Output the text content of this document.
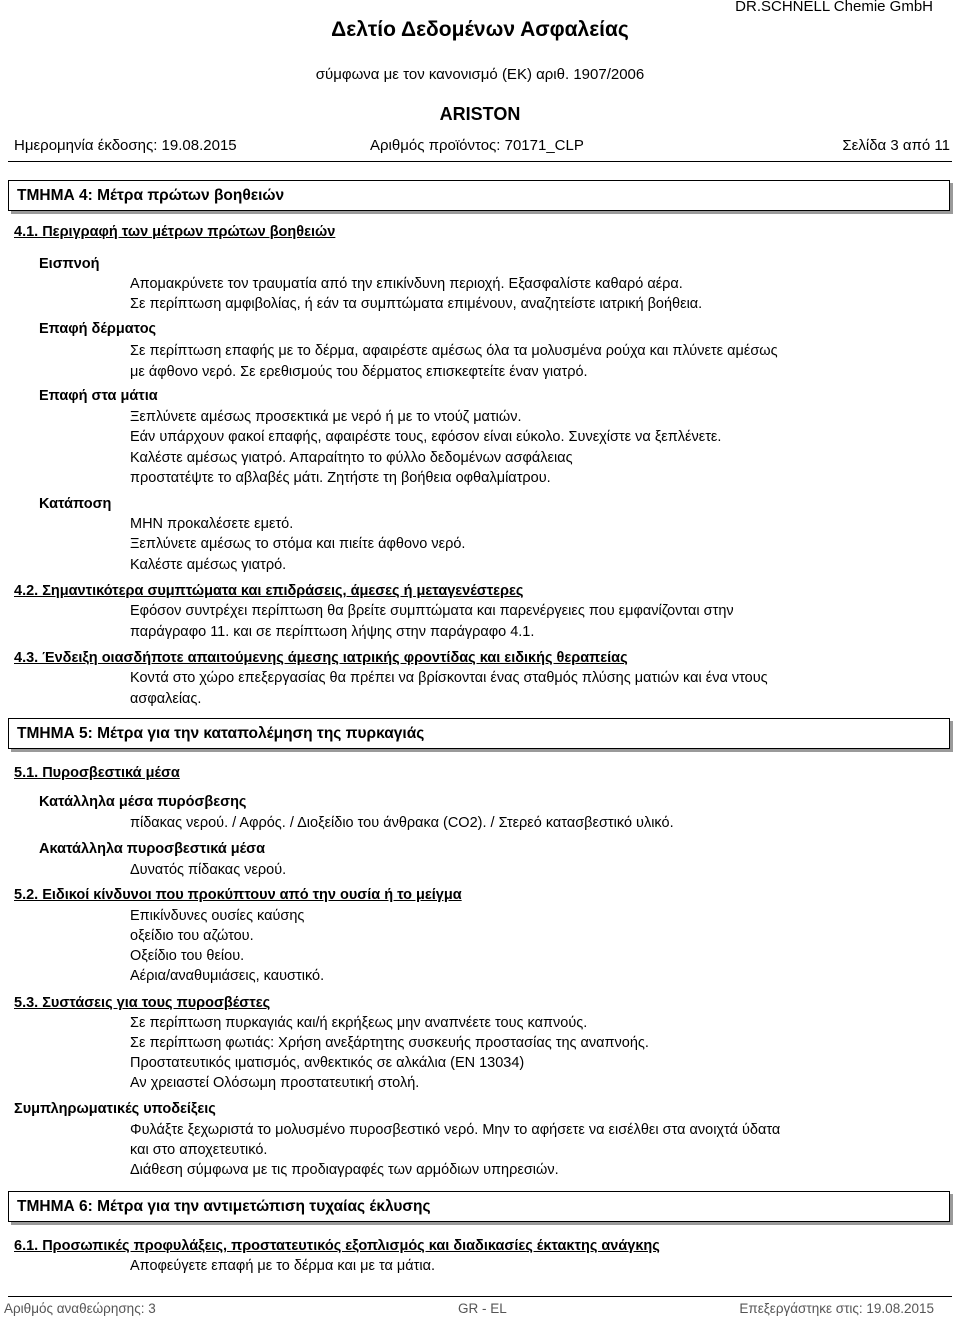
DR.SCHNELL Chemie GmbH
Δελτίο Δεδομένων Ασφαλείας
σύμφωνα με τον κανονισμό (ΕΚ) αριθ. 1907/2006
ARISTON
Ημερομηνία έκδοσης: 19.08.2015	Αριθμός προϊόντος: 70171_CLP	Σελίδα 3 από 11
ΤΜΗΜΑ 4: Μέτρα πρώτων βοηθειών
4.1. Περιγραφή των μέτρων πρώτων βοηθειών
Εισπνοή
Απομακρύνετε τον τραυματία από την επικίνδυνη περιοχή. Εξασφαλίστε καθαρό αέρα.
Σε περίπτωση αμφιβολίας, ή εάν τα συμπτώματα επιμένουν, αναζητείστε ιατρική βοήθεια.
Επαφή δέρματος
Σε περίπτωση επαφής με το δέρμα, αφαιρέστε αμέσως όλα τα μολυσμένα ρούχα και πλύνετε αμέσως
με άφθονο νερό. Σε ερεθισμούς του δέρματος επισκεφτείτε έναν γιατρό.
Επαφή στα μάτια
Ξεπλύνετε αμέσως προσεκτικά με νερό ή με το ντούζ ματιών.
Εάν υπάρχουν φακοί επαφής, αφαιρέστε τους, εφόσον είναι εύκολο. Συνεχίστε να ξεπλένετε.
Καλέστε αμέσως γιατρό. Απαραίτητο το φύλλο δεδομένων ασφάλειας
προστατέψτε το αβλαβές μάτι. Ζητήστε τη βοήθεια οφθαλμίατρου.
Κατάποση
ΜΗΝ προκαλέσετε εμετό.
Ξεπλύνετε αμέσως το στόμα και πιείτε άφθονο νερό.
Καλέστε αμέσως γιατρό.
4.2. Σημαντικότερα συμπτώματα και επιδράσεις, άμεσες ή μεταγενέστερες
Εφόσον συντρέχει περίπτωση θα βρείτε συμπτώματα και παρενέργειες που εμφανίζονται στην
παράγραφο 11. και σε περίπτωση λήψης στην παράγραφο 4.1.
4.3. Ένδειξη οιασδήποτε απαιτούμενης άμεσης ιατρικής φροντίδας και ειδικής θεραπείας
Κοντά στο χώρο επεξεργασίας θα πρέπει να βρίσκονται ένας σταθμός πλύσης ματιών και ένα ντους
ασφαλείας.
ΤΜΗΜΑ 5: Μέτρα για την καταπολέμηση της πυρκαγιάς
5.1. Πυροσβεστικά μέσα
Κατάλληλα μέσα πυρόσβεσης
πίδακας νερού. / Αφρός. / Διοξείδιο του άνθρακα (CO2). / Στερεό κατασβεστικό υλικό.
Ακατάλληλα πυροσβεστικά μέσα
Δυνατός πίδακας νερού.
5.2. Ειδικοί κίνδυνοι που προκύπτουν από την ουσία ή το μείγμα
Επικίνδυνες ουσίες καύσης
οξείδιο του αζώτου.
Οξείδιο του θείου.
Αέρια/αναθυμιάσεις, καυστικό.
5.3. Συστάσεις για τους πυροσβέστες
Σε περίπτωση πυρκαγιάς και/ή εκρήξεως μην αναπνέετε τους καπνούς.
Σε περίπτωση φωτιάς: Χρήση ανεξάρτητης συσκευής προστασίας της αναπνοής.
Προστατευτικός ιματισμός, ανθεκτικός σε αλκάλια (EN 13034)
Αν χρειαστεί Ολόσωμη προστατευτική στολή.
Συμπληρωματικές υποδείξεις
Φυλάξτε ξεχωριστά το μολυσμένο πυροσβεστικό νερό. Μην το αφήσετε να εισέλθει στα ανοιχτά ύδατα
και στο αποχετευτικό.
Διάθεση σύμφωνα με τις προδιαγραφές των αρμόδιων υπηρεσιών.
ΤΜΗΜΑ 6: Μέτρα για την αντιμετώπιση τυχαίας έκλυσης
6.1. Προσωπικές προφυλάξεις, προστατευτικός εξοπλισμός και διαδικασίες έκτακτης ανάγκης
Αποφεύγετε επαφή με το δέρμα και με τα μάτια.
Αριθμός αναθεώρησης: 3	GR - EL	Επεξεργάστηκε στις: 19.08.2015
